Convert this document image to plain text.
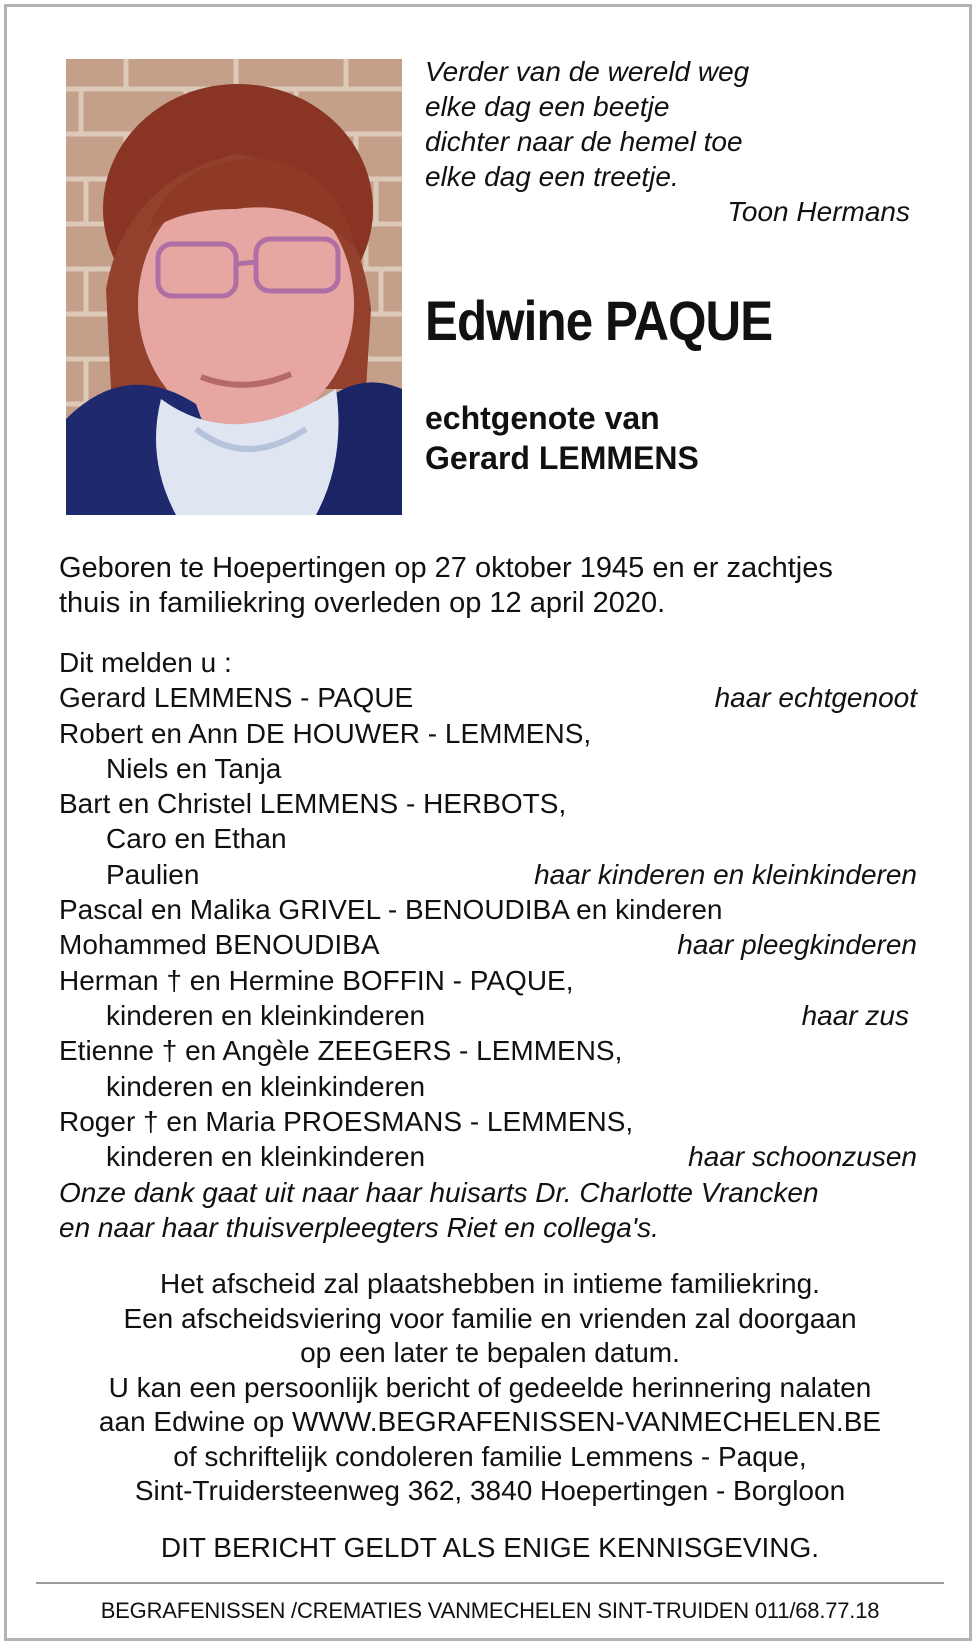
Verder van de wereld weg
elke dag een beetje
dichter naar de hemel toe
elke dag een treetje.
Toon Hermans
Edwine PAQUE
echtgenote van
Gerard LEMMENS
Geboren te Hoepertingen op 27 oktober 1945 en er zachtjes
thuis in familiekring overleden op 12 april 2020.
Dit melden u :
Gerard LEMMENS - PAQUE	haar echtgenoot
Robert en Ann DE HOUWER - LEMMENS,
Niels en Tanja
Bart en Christel LEMMENS - HERBOTS,
Caro en Ethan
Paulien	haar kinderen en kleinkinderen
Pascal en Malika GRIVEL - BENOUDIBA en kinderen
Mohammed BENOUDIBA	haar pleegkinderen
Herman † en Hermine BOFFIN - PAQUE,
kinderen en kleinkinderen	haar zus
Etienne † en Angèle ZEEGERS - LEMMENS,
kinderen en kleinkinderen
Roger † en Maria PROESMANS - LEMMENS,
kinderen en kleinkinderen	haar schoonzusen
Onze dank gaat uit naar haar huisarts Dr. Charlotte Vrancken
en naar haar thuisverpleegters Riet en collega's.
Het afscheid zal plaatshebben in intieme familiekring.
Een afscheidsviering voor familie en vrienden zal doorgaan
op een later te bepalen datum.
U kan een persoonlijk bericht of gedeelde herinnering nalaten
aan Edwine op WWW.BEGRAFENISSEN-VANMECHELEN.BE
of schriftelijk condoleren familie Lemmens - Paque,
Sint-Truidersteenweg 362, 3840 Hoepertingen - Borgloon
DIT BERICHT GELDT ALS ENIGE KENNISGEVING.
BEGRAFENISSEN /CREMATIES VANMECHELEN SINT-TRUIDEN 011/68.77.18
